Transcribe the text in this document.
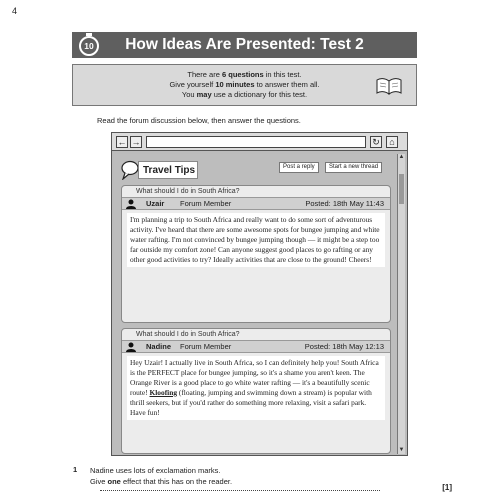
4
How Ideas Are Presented: Test 2
10
There are 6 questions in this test.
Give yourself 10 minutes to answer them all.
You may use a dictionary for this test.
Read the forum discussion below, then answer the questions.
← →	↻	⌂
Travel Tips	Post a reply	Start a new thread
What should I do in South Africa?
Uzair Forum Member	Posted: 18th May 11:43
I'm planning a trip to South Africa and really want to do some sort of adventurous activity. I've heard that there are some awesome spots for bungee jumping and white water rafting. I'm not convinced by bungee jumping though — it might be a step too far outside my comfort zone! Can anyone suggest good places to go rafting or any other good activities to try? Ideally activities that are close to the ground! Cheers!
What should I do in South Africa?
Nadine Forum Member	Posted: 18th May 12:13
Hey Uzair! I actually live in South Africa, so I can definitely help you! South Africa is the PERFECT place for bungee jumping, so it's a shame you aren't keen. The Orange River is a good place to go white water rafting — it's a beautifully scenic route! Kloofing (floating, jumping and swimming down a stream) is popular with thrill seekers, but if you'd rather do something more relaxing, visit a safari park. Have fun!
▲
▼
1 Nadine uses lots of exclamation marks.
Give one effect that this has on the reader.
[1]
